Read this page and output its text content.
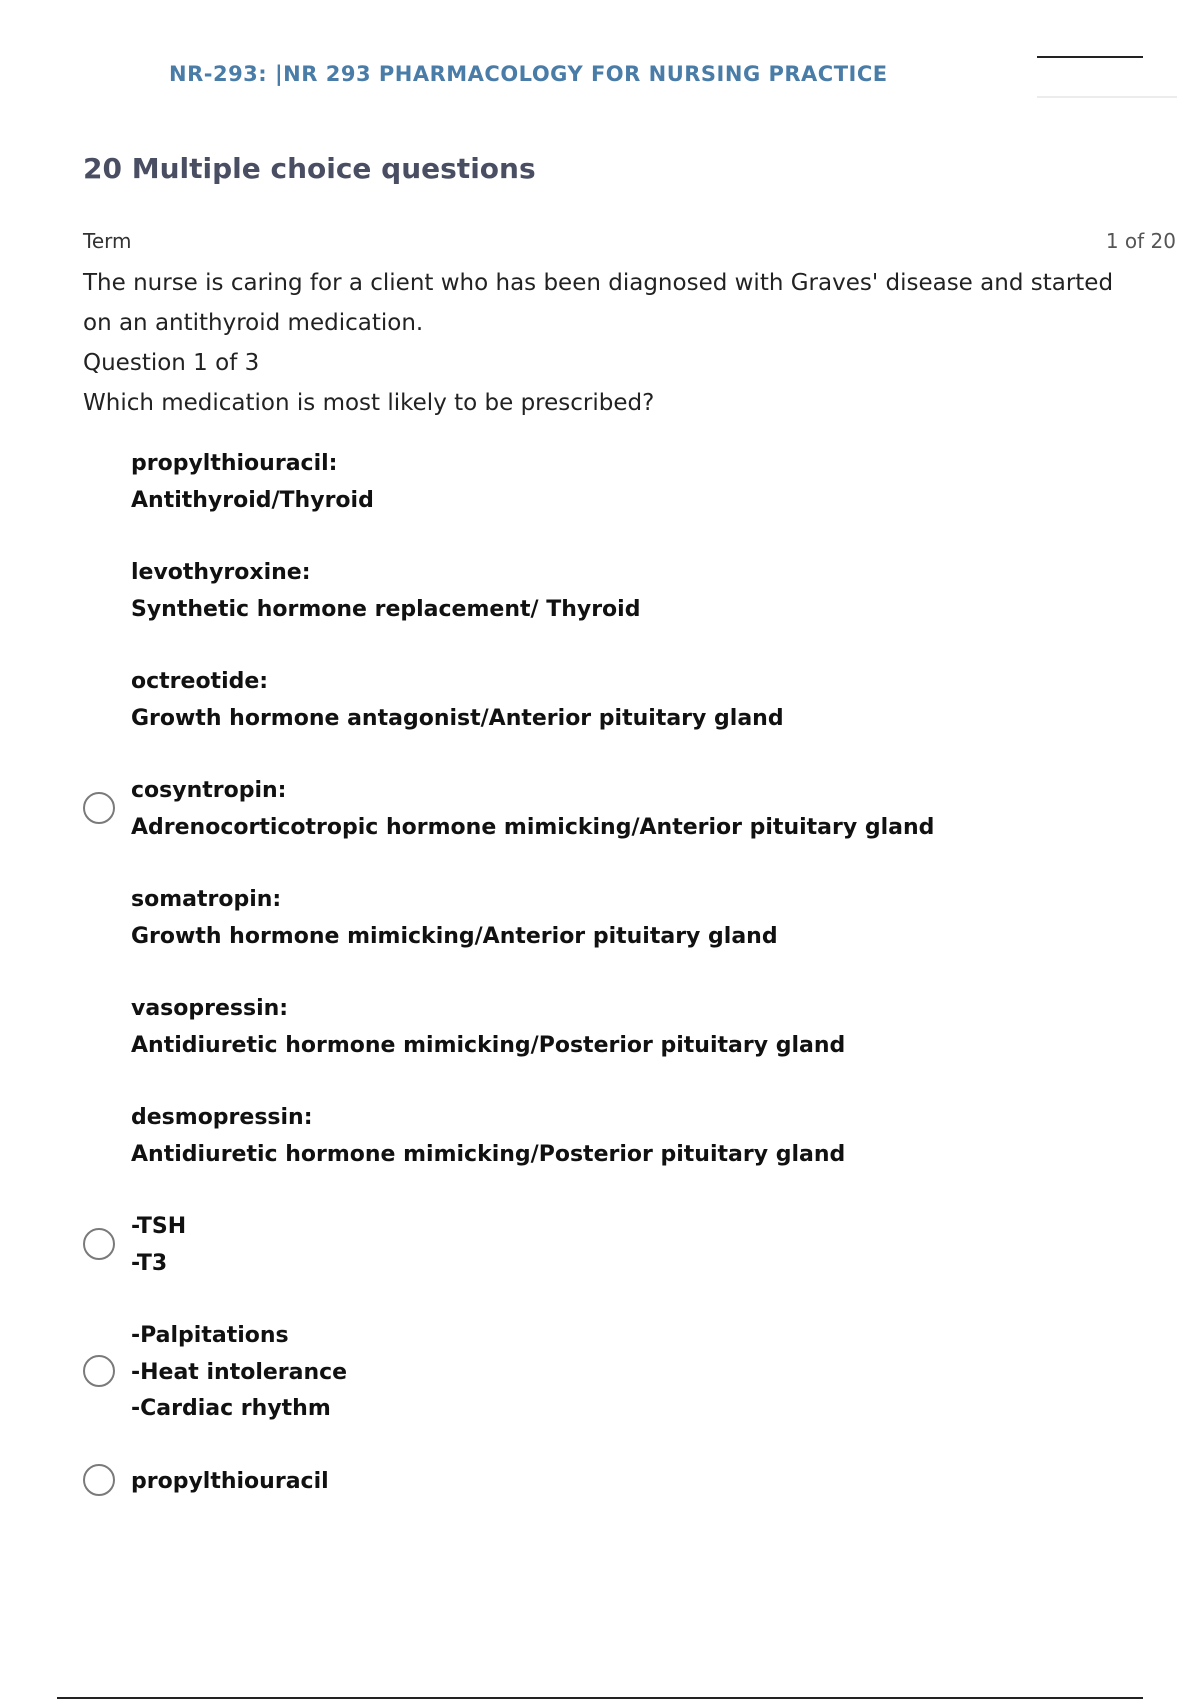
NR-293: |NR 293 PHARMACOLOGY FOR NURSING PRACTICE
20 Multiple choice questions
Term	1 of 20

The nurse is caring for a client who has been diagnosed with Graves' disease and started on an antithyroid medication.

Question 1 of 3

Which medication is most likely to be prescribed?

propylthiouracil:
Antithyroid/Thyroid
levothyroxine:
Synthetic hormone replacement/ Thyroid
octreotide:
Growth hormone antagonist/Anterior pituitary gland
cosyntropin:
Adrenocorticotropic hormone mimicking/Anterior pituitary gland
somatropin:
Growth hormone mimicking/Anterior pituitary gland
vasopressin:
Antidiuretic hormone mimicking/Posterior pituitary gland
desmopressin:
Antidiuretic hormone mimicking/Posterior pituitary gland
-TSH
-T3
-Palpitations
-Heat intolerance
-Cardiac rhythm
propylthiouracil
